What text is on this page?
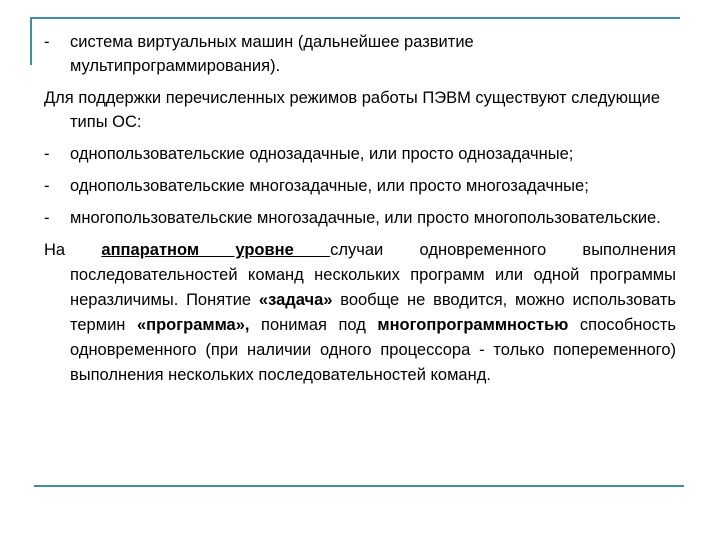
- система виртуальных машин (дальнейшее развитие мультипрограммирования).

Для поддержки перечисленных режимов работы ПЭВМ существуют следующие типы ОС:

- однопользовательские однозадачные, или просто однозадачные;

- однопользовательские многозадачные, или просто многозадачные;

- многопользовательские многозадачные, или просто многопользовательские.

На аппаратном уровне случаи одновременного выполнения последовательностей команд нескольких программ или одной программы неразличимы. Понятие «задача» вообще не вводится, можно использовать термин «программа», понимая под многопрограммностью способность одновременного (при наличии одного процессора - только попеременного) выполнения нескольких последовательностей команд.
